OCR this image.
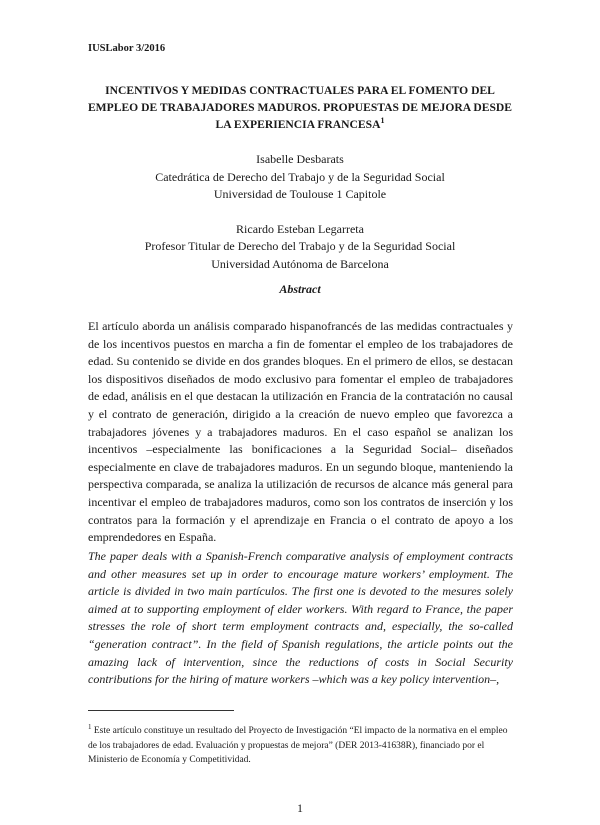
IUSLabor 3/2016
INCENTIVOS Y MEDIDAS CONTRACTUALES PARA EL FOMENTO DEL EMPLEO DE TRABAJADORES MADUROS. PROPUESTAS DE MEJORA DESDE LA EXPERIENCIA FRANCESA$^1$
Isabelle Desbarats
Catedrática de Derecho del Trabajo y de la Seguridad Social
Universidad de Toulouse 1 Capitole
Ricardo Esteban Legarreta
Profesor Titular de Derecho del Trabajo y de la Seguridad Social
Universidad Autónoma de Barcelona
Abstract
El artículo aborda un análisis comparado hispanofrancés de las medidas contractuales y de los incentivos puestos en marcha a fin de fomentar el empleo de los trabajadores de edad. Su contenido se divide en dos grandes bloques. En el primero de ellos, se destacan los dispositivos diseñados de modo exclusivo para fomentar el empleo de trabajadores de edad, análisis en el que destacan la utilización en Francia de la contratación no causal y el contrato de generación, dirigido a la creación de nuevo empleo que favorezca a trabajadores jóvenes y a trabajadores maduros. En el caso español se analizan los incentivos –especialmente las bonificaciones a la Seguridad Social– diseñados especialmente en clave de trabajadores maduros. En un segundo bloque, manteniendo la perspectiva comparada, se analiza la utilización de recursos de alcance más general para incentivar el empleo de trabajadores maduros, como son los contratos de inserción y los contratos para la formación y el aprendizaje en Francia o el contrato de apoyo a los emprendedores en España.
The paper deals with a Spanish-French comparative analysis of employment contracts and other measures set up in order to encourage mature workers’ employment. The article is divided in two main partículos. The first one is devoted to the mesures solely aimed at to supporting employment of elder workers. With regard to France, the paper stresses the role of short term employment contracts and, especially, the so-called “generation contract”. In the field of Spanish regulations, the article points out the amazing lack of intervention, since the reductions of costs in Social Security contributions for the hiring of mature workers –which was a key policy intervention–,
$^1$ Este artículo constituye un resultado del Proyecto de Investigación “El impacto de la normativa en el empleo de los trabajadores de edad. Evaluación y propuestas de mejora” (DER 2013-41638R), financiado por el Ministerio de Economía y Competitividad.
1
